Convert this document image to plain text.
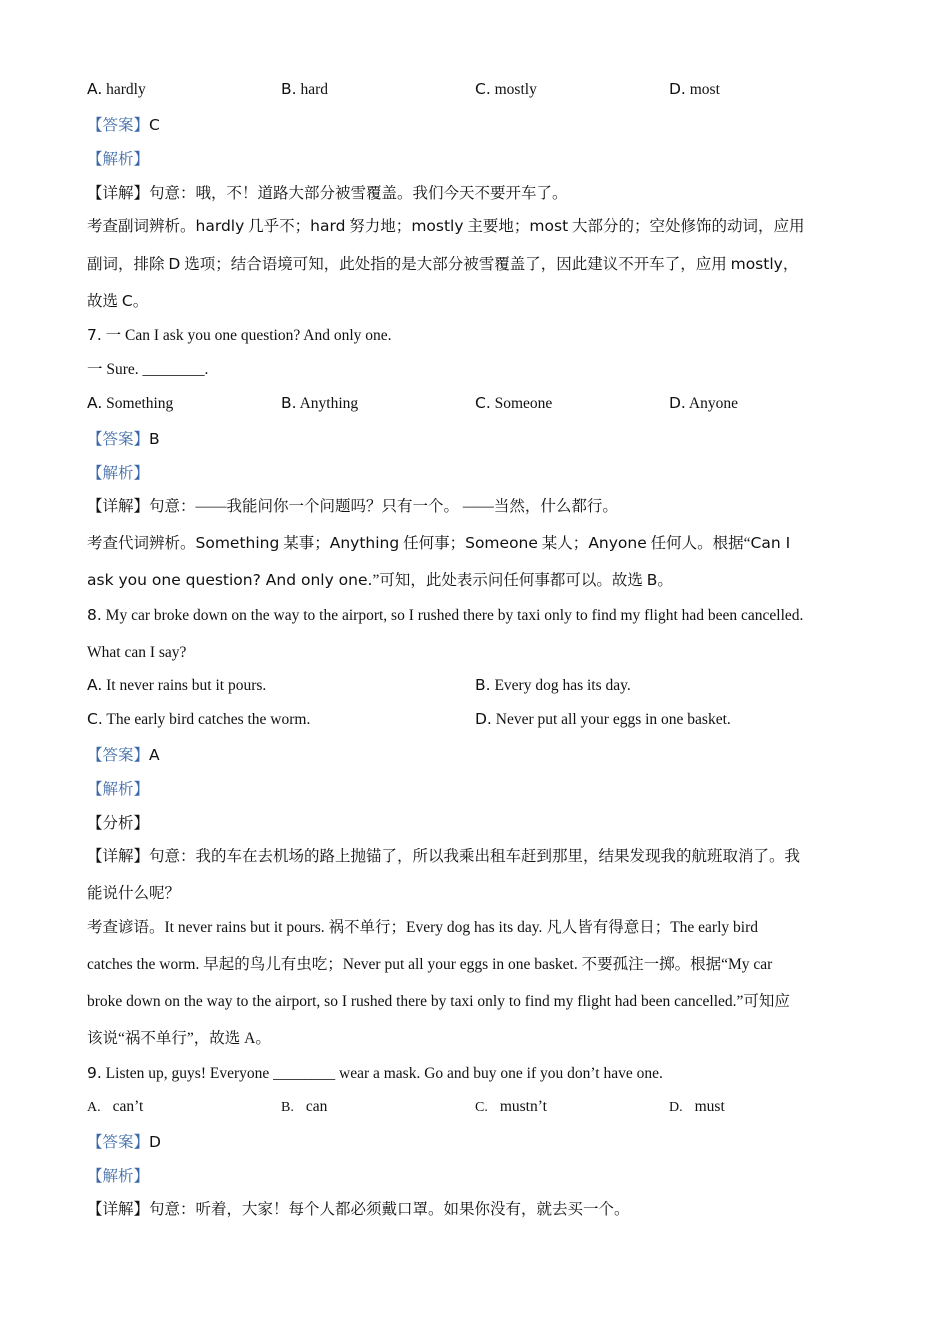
A. hardly	B. hard	C. mostly	D. most
【答案】C
【解析】
【详解】句意：哦，不！道路大部分被雪覆盖。我们今天不要开车了。
考查副词辨析。hardly 几乎不；hard 努力地；mostly 主要地；most 大部分的；空处修饰的动词，应用
副词，排除 D 选项；结合语境可知，此处指的是大部分被雪覆盖了，因此建议不开车了，应用 mostly，
故选 C。
7. 一 Can I ask you one question? And only one.
一 Sure. ________.
A. Something	B. Anything	C. Someone	D. Anyone
【答案】B
【解析】
【详解】句意：——我能问你一个问题吗？只有一个。 ——当然，什么都行。
考查代词辨析。Something 某事；Anything 任何事；Someone 某人；Anyone 任何人。根据“Can I
ask you one question? And only one.”可知，此处表示问任何事都可以。故选 B。
8. My car broke down on the way to the airport, so I rushed there by taxi only to find my flight had been cancelled.
What can I say?
A. It never rains but it pours.	B. Every dog has its day.
C. The early bird catches the worm.	D. Never put all your eggs in one basket.
【答案】A
【解析】
【分析】
【详解】句意：我的车在去机场的路上抛锚了，所以我乘出租车赶到那里，结果发现我的航班取消了。我
能说什么呢？
考查谚语。It never rains but it pours. 祸不单行；Every dog has its day. 凡人皆有得意日；The early bird
catches the worm. 早起的鸟儿有虫吃；Never put all your eggs in one basket. 不要孤注一掷。根据“My car
broke down on the way to the airport, so I rushed there by taxi only to find my flight had been cancelled.”可知应
该说“祸不单行”，故选 A。
9. Listen up, guys! Everyone ________ wear a mask. Go and buy one if you don’t have one.
A. can’t	B. can	C. mustn’t	D. must
【答案】D
【解析】
【详解】句意：听着，大家！每个人都必须戴口罩。如果你没有，就去买一个。
